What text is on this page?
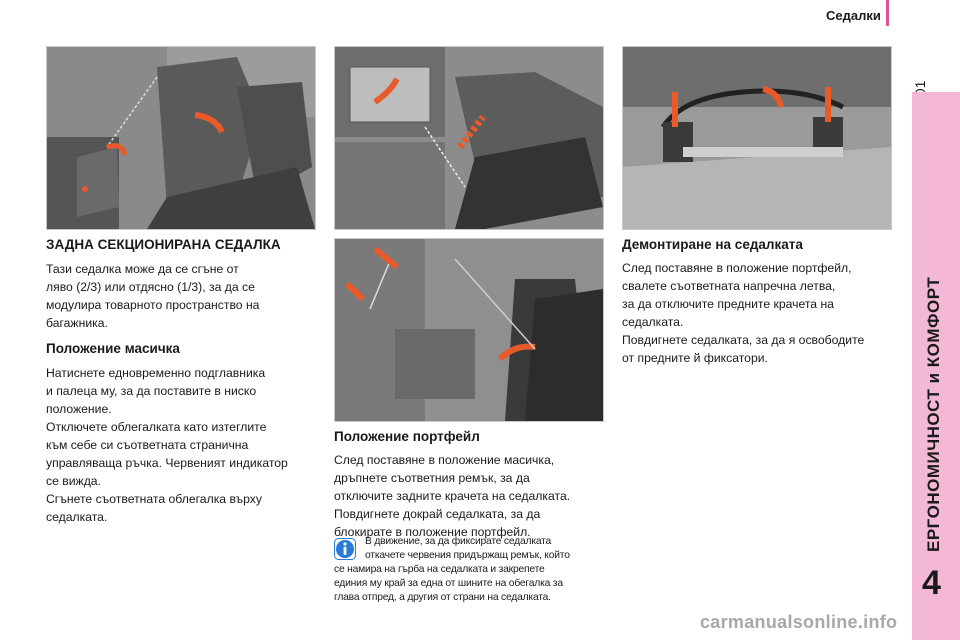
Седалки
ЕРГОНОМИЧНОСТ и КОМФОРТ
4
ЗАДНА СЕКЦИОНИРАНА СЕДАЛКА
Тази седалка може да се сгъне от
ляво (2/3) или отдясно (1/3), за да се
модулира товарното пространство на
багажника.
Положение масичка
Натиснете едновременно подглавника
и палеца му, за да поставите в ниско
положение.
Отключете облегалката като изтеглите
към себе си съответната странична
управляваща ръчка. Червеният индикатор
се вижда.
Сгънете съответната облегалка върху
седалката.
Положение портфейл
След поставяне в положение масичка,
дръпнете съответния ремък, за да
отключите задните крачета на седалката.
Повдигнете докрай седалката, за да
блокирате в положение портфейл.
В движение, за да фиксирате седалката
откачете червения придържащ ремък, който
се намира на гърба на седалката и закрепете
единия му край за една от шините на обегалка за
глава отпред, а другия от страни на седалката.
Демонтиране на седалката
След поставяне в положение портфейл,
свалете съответната напречна летва,
за да отключите предните крачета на
седалката.
Повдигнете седалката, за да я освободите
от предните й фиксатори.
carmanualsonline.info
